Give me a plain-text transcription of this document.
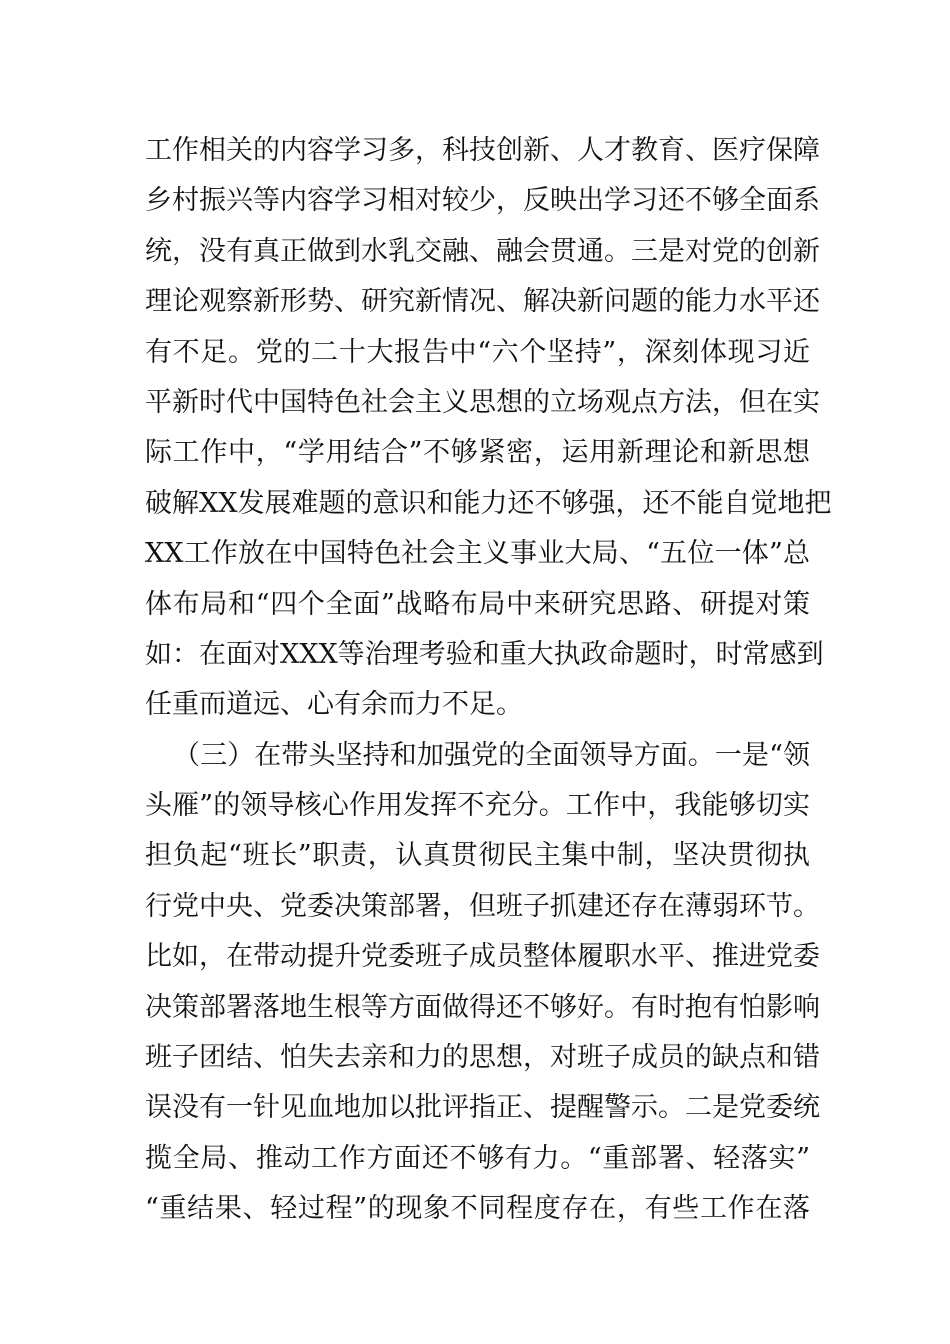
工作相关的内容学习多，科技创新、人才教育、医疗保障
乡村振兴等内容学习相对较少，反映出学习还不够全面系
统，没有真正做到水乳交融、融会贯通。三是对党的创新
理论观察新形势、研究新情况、解决新问题的能力水平还
有不足。党的二十大报告中“六个坚持”，深刻体现习近
平新时代中国特色社会主义思想的立场观点方法，但在实
际工作中，“学用结合”不够紧密，运用新理论和新思想
破解XX发展难题的意识和能力还不够强，还不能自觉地把
XX工作放在中国特色社会主义事业大局、“五位一体”总
体布局和“四个全面”战略布局中来研究思路、研提对策
如：在面对XXX等治理考验和重大执政命题时，时常感到
任重而道远、心有余而力不足。
（三）在带头坚持和加强党的全面领导方面。一是“领
头雁”的领导核心作用发挥不充分。工作中，我能够切实
担负起“班长”职责，认真贯彻民主集中制，坚决贯彻执
行党中央、党委决策部署，但班子抓建还存在薄弱环节。
比如，在带动提升党委班子成员整体履职水平、推进党委
决策部署落地生根等方面做得还不够好。有时抱有怕影响
班子团结、怕失去亲和力的思想，对班子成员的缺点和错
误没有一针见血地加以批评指正、提醒警示。二是党委统
揽全局、推动工作方面还不够有力。“重部署、轻落实”
“重结果、轻过程”的现象不同程度存在，有些工作在落
